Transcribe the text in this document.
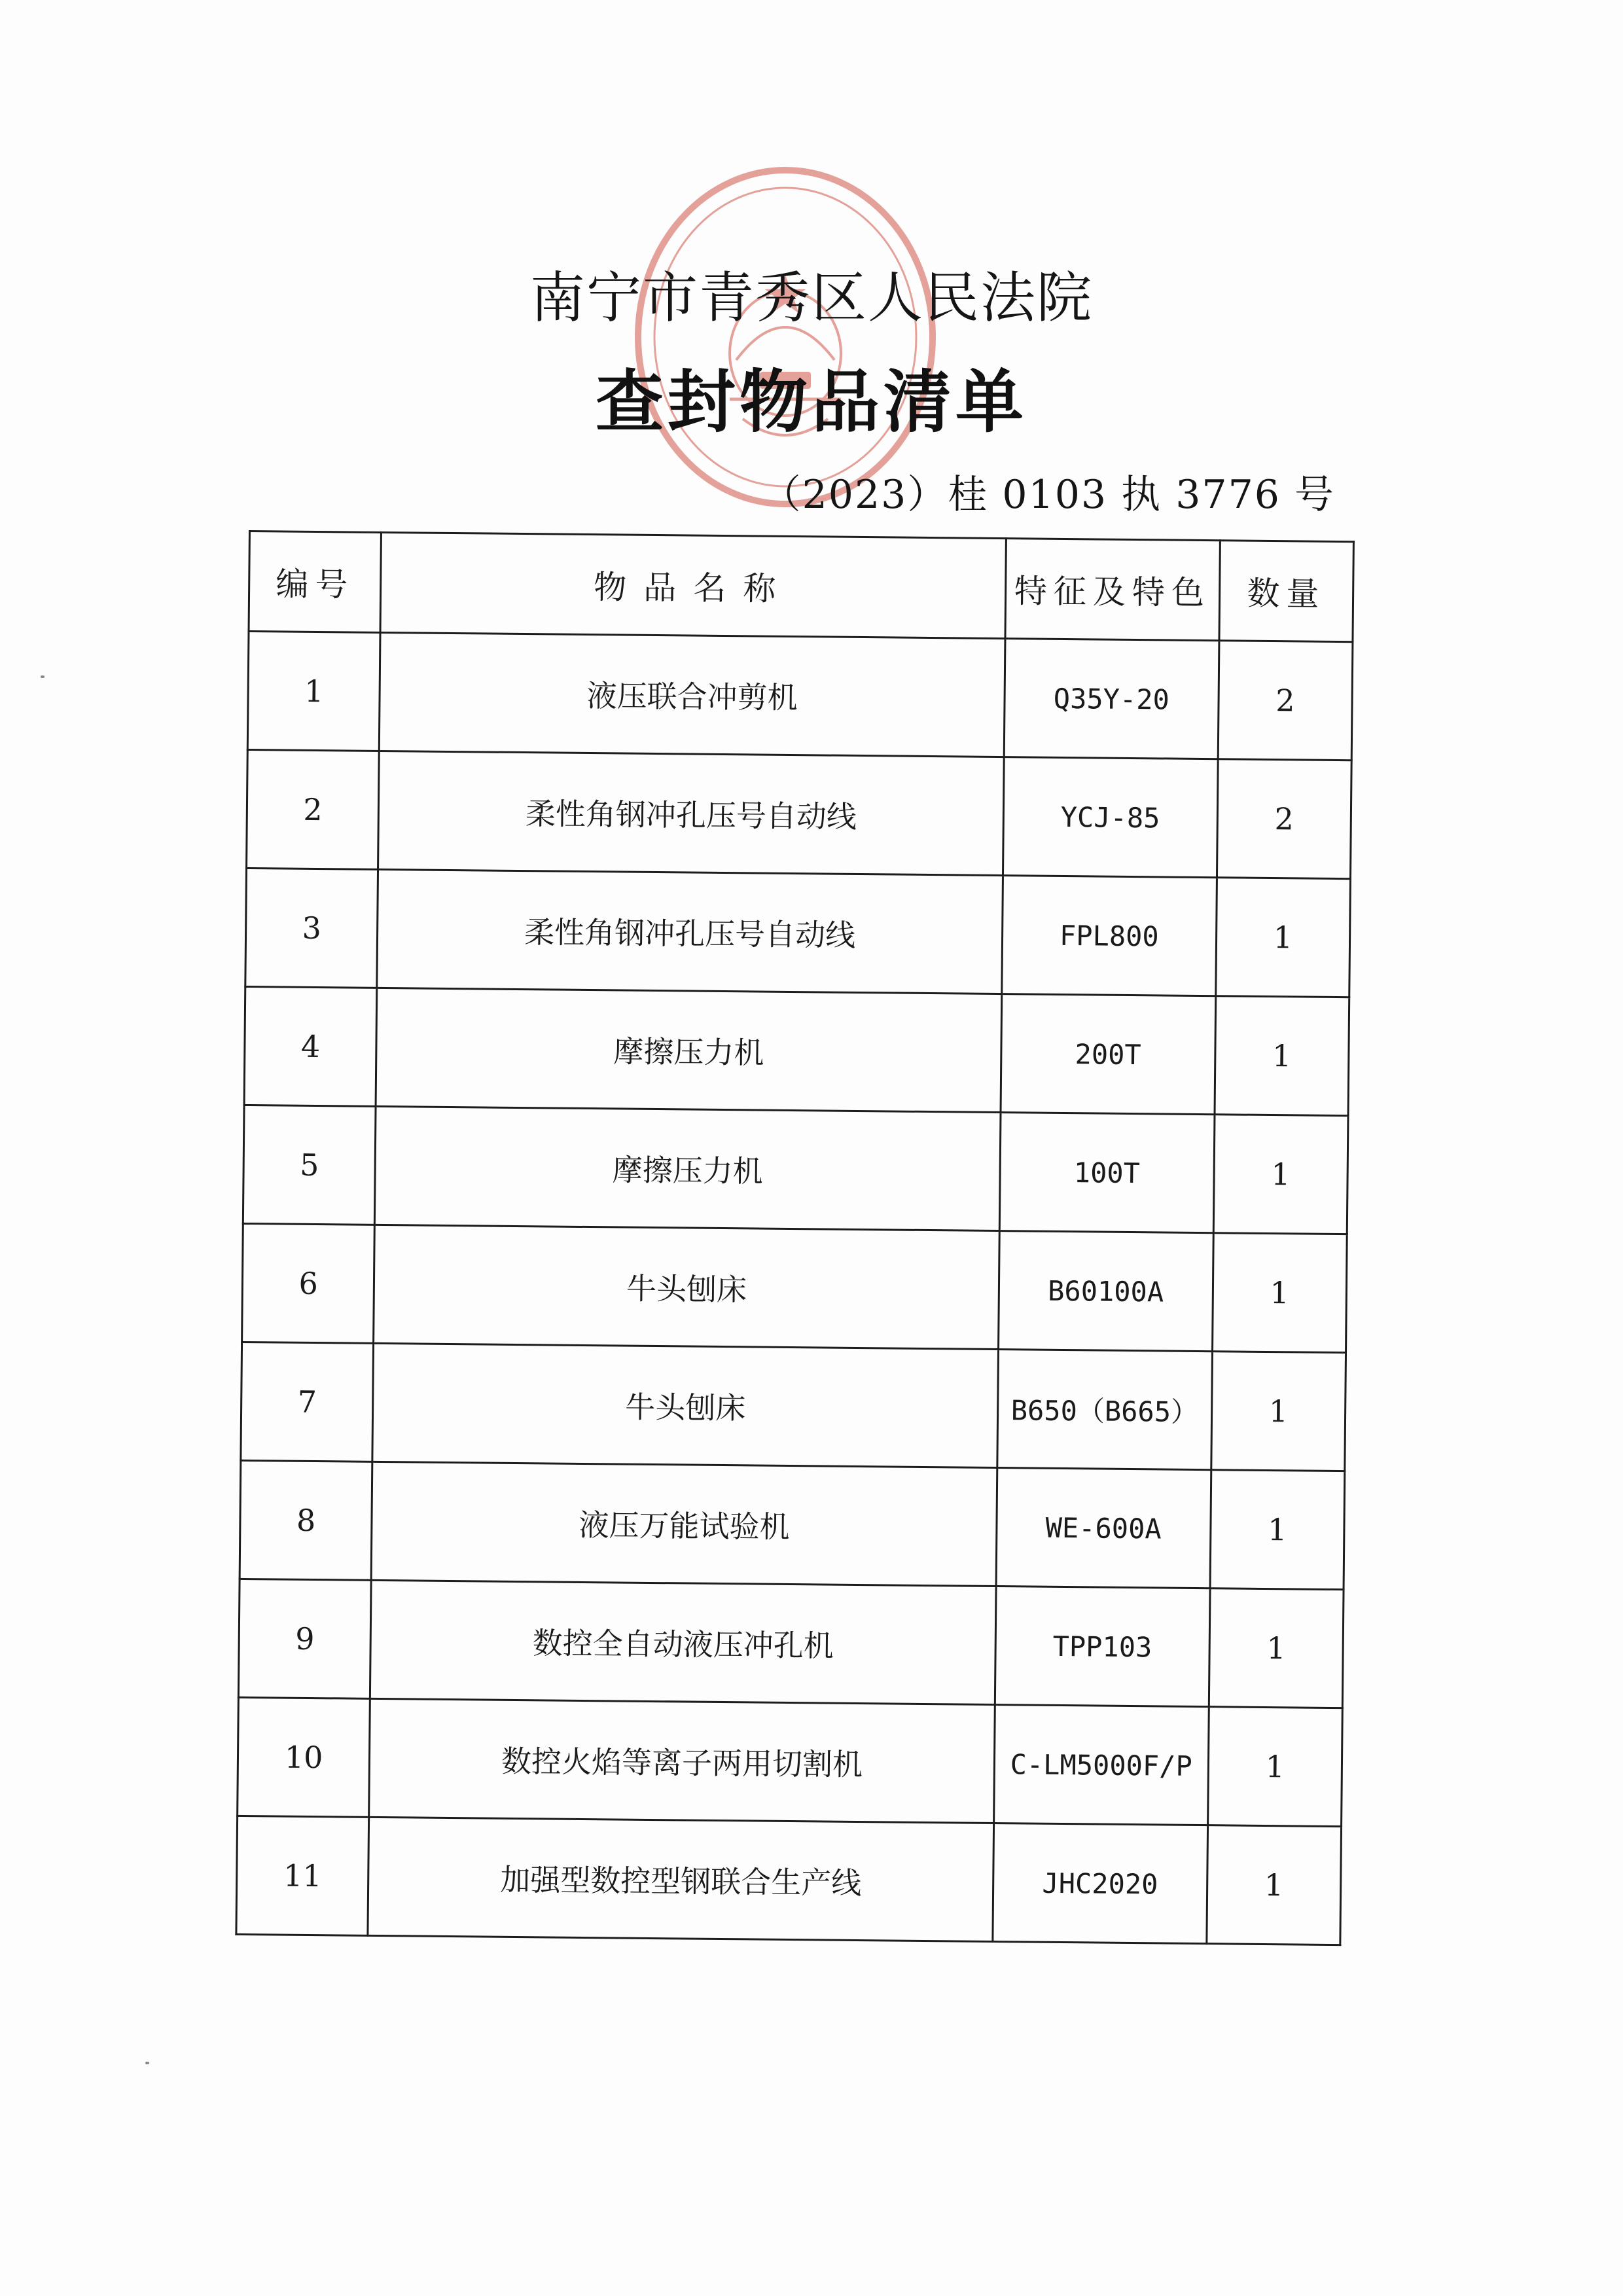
南宁市青秀区人民法院
查封物品清单
（2023）桂 0103 执 3776 号
编号	物品名称	特征及特色	数量
1	液压联合冲剪机	Q35Y-20	2
2	柔性角钢冲孔压号自动线	YCJ-85	2
3	柔性角钢冲孔压号自动线	FPL800	1
4	摩擦压力机	200T	1
5	摩擦压力机	100T	1
6	牛头刨床	B60100A	1
7	牛头刨床	B650（B665）	1
8	液压万能试验机	WE-600A	1
9	数控全自动液压冲孔机	TPP103	1
10	数控火焰等离子两用切割机	C-LM5000F/P	1
11	加强型数控型钢联合生产线	JHC2020	1
